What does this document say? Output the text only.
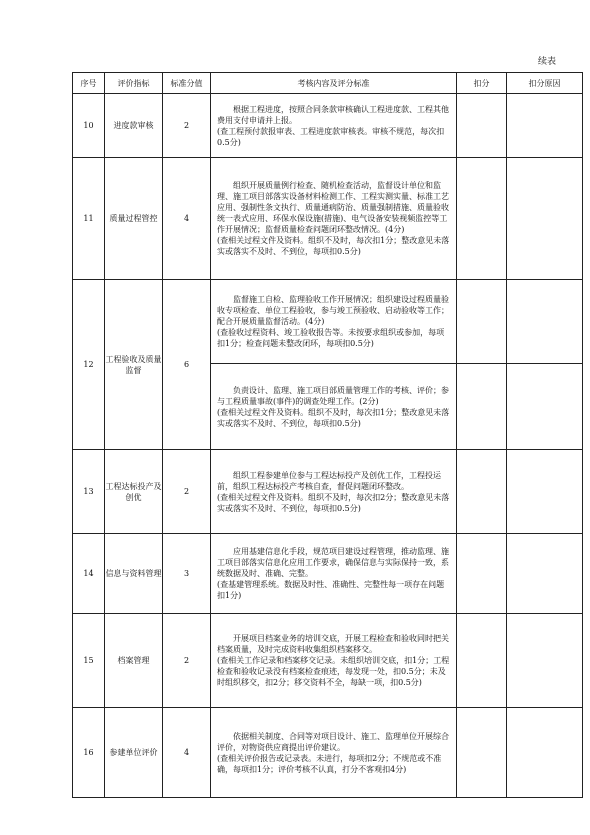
续表
序号	评价指标	标准分值	考核内容及评分标准	扣分	扣分原因
10	进度款审核	2	根据工程进度，按照合同条款审核确认工程进度款、工程其他费用支付申请并上报。
(查工程预付款报审表、工程进度款审核表。审核不规范，每次扣0.5分)		

11	质量过程管控	4	组织开展质量例行检查、随机检查活动，监督设计单位和监理、施工项目部落实设备材料检测工作、工程实测实量、标准工艺应用、强制性条文执行、质量通病防治、质量强制措施、质量验收统一表式应用、环保水保设施(措施)、电气设备安装视频监控等工作开展情况；监督质量检查问题闭环整改情况。(4分)
(查相关过程文件及资料。组织不及时，每次扣1分；整改意见未落实或落实不及时、不到位，每项扣0.5分)		

12	工程验收及质量监督	6	监督施工自检、监理验收工作开展情况；组织建设过程质量验收专项检查、单位工程验收，参与竣工预验收、启动验收等工作；配合开展质量监督活动。(4分)
(查验收过程资料、竣工验收报告等。未按要求组织或参加，每项扣1分；检查问题未整改闭环，每项扣0.5分)		

			负责设计、监理、施工项目部质量管理工作的考核、评价；参与工程质量事故(事件)的调查处理工作。(2分)
(查相关过程文件及资料。组织不及时，每次扣1分；整改意见未落实或落实不及时、不到位，每项扣0.5分)		

13	工程达标投产及创优	2	组织工程参建单位参与工程达标投产及创优工作，工程投运前，组织工程达标投产考核自查，督促问题闭环整改。
(查相关过程文件及资料。组织不及时，每次扣2分；整改意见未落实或落实不及时、不到位，每项扣0.5分)		

14	信息与资料管理	3	应用基建信息化手段，规范项目建设过程管理，推动监理、施工项目部落实信息化应用工作要求，确保信息与实际保持一致，系统数据及时、准确、完整。
(查基建管理系统。数据及时性、准确性、完整性每一项存在问题扣1分)		

15	档案管理	2	开展项目档案业务的培训交底，开展工程检查和验收同时把关档案质量，及时完成资料收集组织档案移交。
(查相关工作记录和档案移交记录。未组织培训交底，扣1分；工程检查和验收记录没有档案检查痕迹，每发现一处，扣0.5分；未及时组织移交，扣2分；移交资料不全，每缺一项，扣0.5分)		

16	参建单位评价	4	依据相关制度、合同等对项目设计、施工、监理单位开展综合评价，对物资供应商提出评价建议。
(查相关评价报告或记录表。未进行，每项扣2分；不规范或不准确，每项扣1分；评价考核不认真，打分不客观扣4分)		
